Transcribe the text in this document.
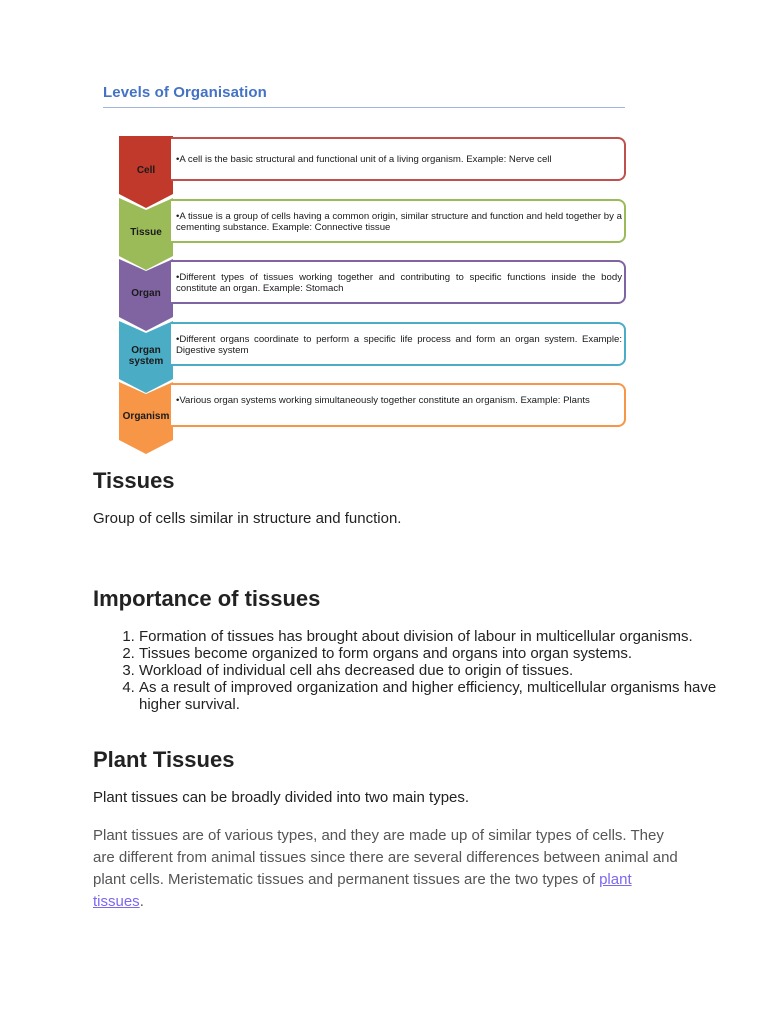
Levels of Organisation
Cell
•A cell is the basic structural and functional unit of a living organism. Example: Nerve cell
Tissue
•A tissue is a group of cells having a common origin, similar structure and function and held together by a cementing substance. Example: Connective tissue
Organ
•Different types of tissues working together and contributing to specific functions inside the body constitute an organ. Example: Stomach
Organ
system
•Different organs coordinate to perform a specific life process and form an organ system. Example: Digestive system
Organism
•Various organ systems working simultaneously together constitute an organism. Example: Plants
Tissues

Group of cells similar in structure and function.

Importance of tissues
1. Formation of tissues has brought about division of labour in multicellular organisms.
2. Tissues become organized to form organs and organs into organ systems.
3. Workload of individual cell ahs decreased due to origin of tissues.
4. As a result of improved organization and higher efficiency, multicellular organisms have higher survival.
Plant Tissues

Plant tissues can be broadly divided into two main types.

Plant tissues are of various types, and they are made up of similar types of cells. They are different from animal tissues since there are several differences between animal and plant cells. Meristematic tissues and permanent tissues are the two types of plant tissues.
